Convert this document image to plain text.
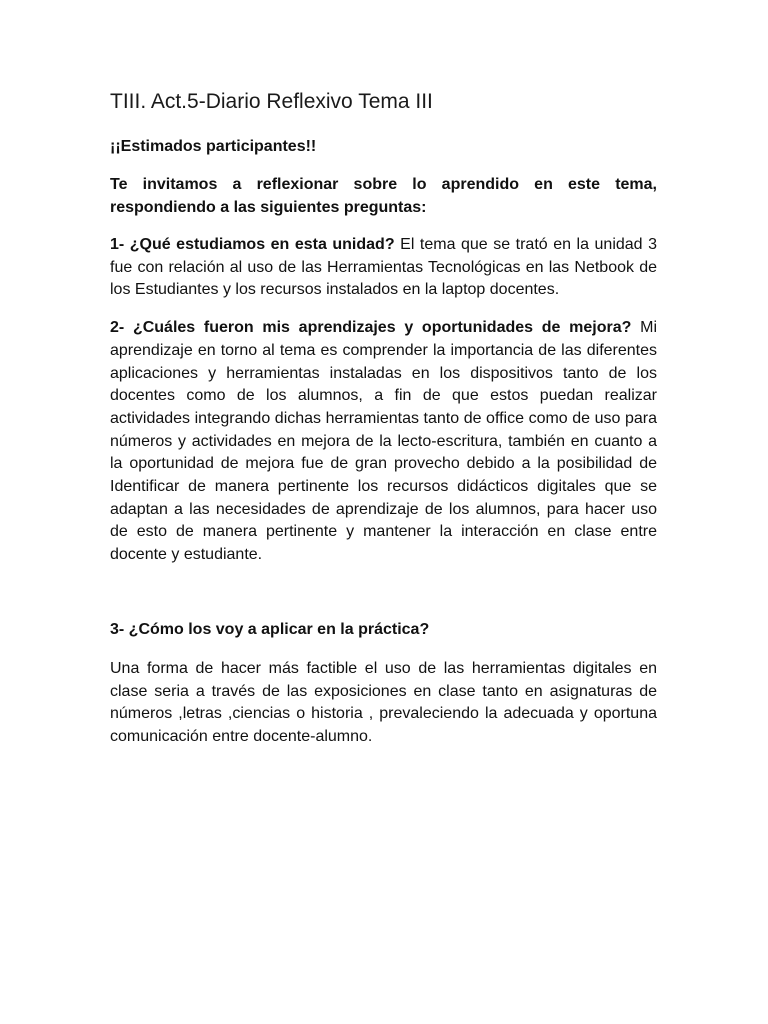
TIII. Act.5-Diario Reflexivo Tema III

¡¡Estimados participantes!!

Te invitamos a reflexionar sobre lo aprendido en este tema, respondiendo a las siguientes preguntas:

1- ¿Qué estudiamos en esta unidad? El tema que se trató en la unidad 3 fue con relación al uso de las Herramientas Tecnológicas en las Netbook de los Estudiantes y los recursos instalados en la laptop docentes.

2- ¿Cuáles fueron mis aprendizajes y oportunidades de mejora? Mi aprendizaje en torno al tema es comprender la importancia de las diferentes aplicaciones y herramientas instaladas en los dispositivos tanto de los docentes como de los alumnos, a fin de que estos puedan realizar actividades integrando dichas herramientas tanto de office como de uso para números y actividades en mejora de la lecto-escritura, también en cuanto a la oportunidad de mejora fue de gran provecho debido a la posibilidad de Identificar de manera pertinente los recursos didácticos digitales que se adaptan a las necesidades de aprendizaje de los alumnos, para hacer uso de esto de manera pertinente y mantener la interacción en clase entre docente y estudiante.

3- ¿Cómo los voy a aplicar en la práctica?

Una forma de hacer más factible el uso de las herramientas digitales en clase seria a través de las exposiciones en clase tanto en asignaturas de números ,letras ,ciencias o historia , prevaleciendo la adecuada y oportuna comunicación entre docente-alumno.
